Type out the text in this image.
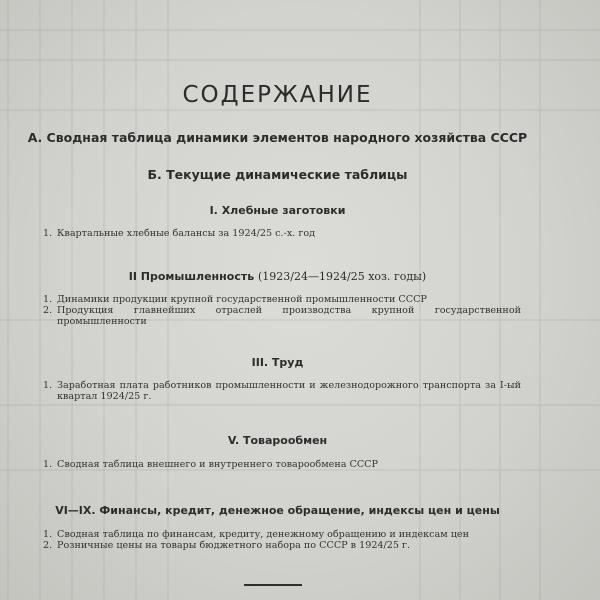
СОДЕРЖАНИЕ
А. Сводная таблица динамики элементов народного хозяйства СССР
Б. Текущие динамические таблицы
I. Хлебные заготовки
1. Квартальные хлебные балансы за 1924/25 с.-х. год
II Промышленность (1923/24—1924/25 хоз. годы)
1. Динамики продукции крупной государственной промышленности СССР
2. Продукция главнейших отраслей производства крупной государственной промышленности
III. Труд
1. Заработная плата работников промышленности и железнодорожного транспорта за I-ый квартал 1924/25 г.
V. Товарообмен
1. Сводная таблица внешнего и внутреннего товарообмена СССР
VI—IX. Финансы, кредит, денежное обращение, индексы цен и цены
1. Сводная таблица по финансам, кредиту, денежному обращению и индексам цен
2. Розничные цены на товары бюджетного набора по СССР в 1924/25 г.
